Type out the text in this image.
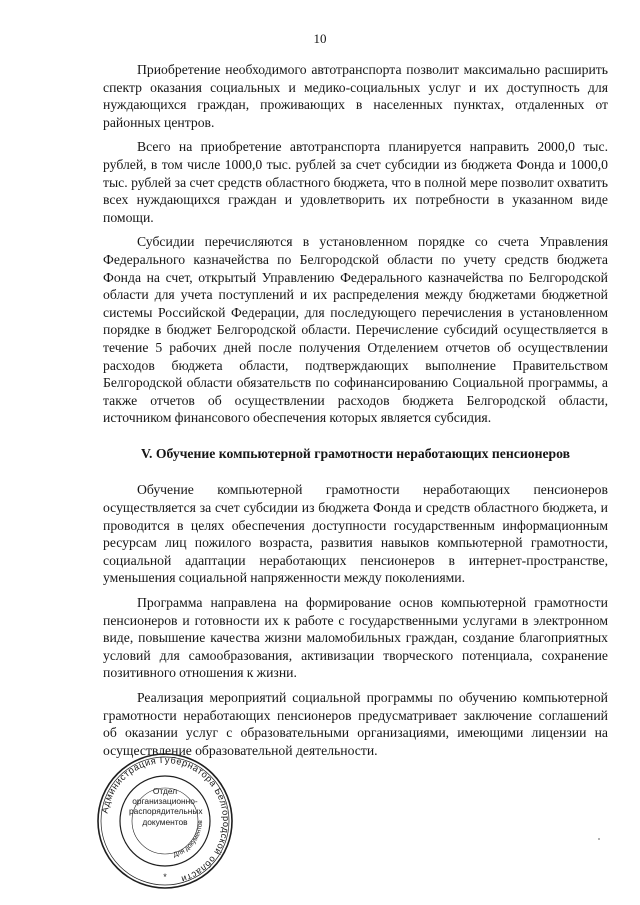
10

Приобретение необходимого автотранспорта позволит максимально расширить спектр оказания социальных и медико-социальных услуг и их доступность для нуждающихся граждан, проживающих в населенных пунктах, отдаленных от районных центров.

Всего на приобретение автотранспорта планируется направить 2000,0 тыс. рублей, в том числе 1000,0 тыс. рублей за счет субсидии из бюджета Фонда и 1000,0 тыс. рублей за счет средств областного бюджета, что в полной мере позволит охватить всех нуждающихся граждан и удовлетворить их потребности в указанном виде помощи.

Субсидии перечисляются в установленном порядке со счета Управления Федерального казначейства по Белгородской области по учету средств бюджета Фонда на счет, открытый Управлению Федерального казначейства по Белгородской области для учета поступлений и их распределения между бюджетами бюджетной системы Российской Федерации, для последующего перечисления в установленном порядке в бюджет Белгородской области. Перечисление субсидий осуществляется в течение 5 рабочих дней после получения Отделением отчетов об осуществлении расходов бюджета области, подтверждающих выполнение Правительством Белгородской области обязательств по софинансированию Социальной программы, а также отчетов об осуществлении расходов бюджета Белгородской области, источником финансового обеспечения которых является субсидия.

V. Обучение компьютерной грамотности неработающих пенсионеров

Обучение компьютерной грамотности неработающих пенсионеров осуществляется за счет субсидии из бюджета Фонда и средств областного бюджета, и проводится в целях обеспечения доступности государственным информационным ресурсам лиц пожилого возраста, развития навыков компьютерной грамотности, социальной адаптации неработающих пенсионеров в интернет-пространстве, уменьшения социальной напряженности между поколениями.

Программа направлена на формирование основ компьютерной грамотности пенсионеров и готовности их к работе с государственными услугами в электронном виде, повышение качества жизни маломобильных граждан, создание благоприятных условий для самообразования, активизации творческого потенциала, сохранение позитивного отношения к жизни.

Реализация мероприятий социальной программы по обучению компьютерной грамотности неработающих пенсионеров предусматривает заключение соглашений об оказании услуг с образовательными организациями, имеющими лицензии на осуществление образовательной деятельности.

Администрация Губернатора Белгородской области
Для документов
*
Отдел
организационно-
распорядительных
документов
